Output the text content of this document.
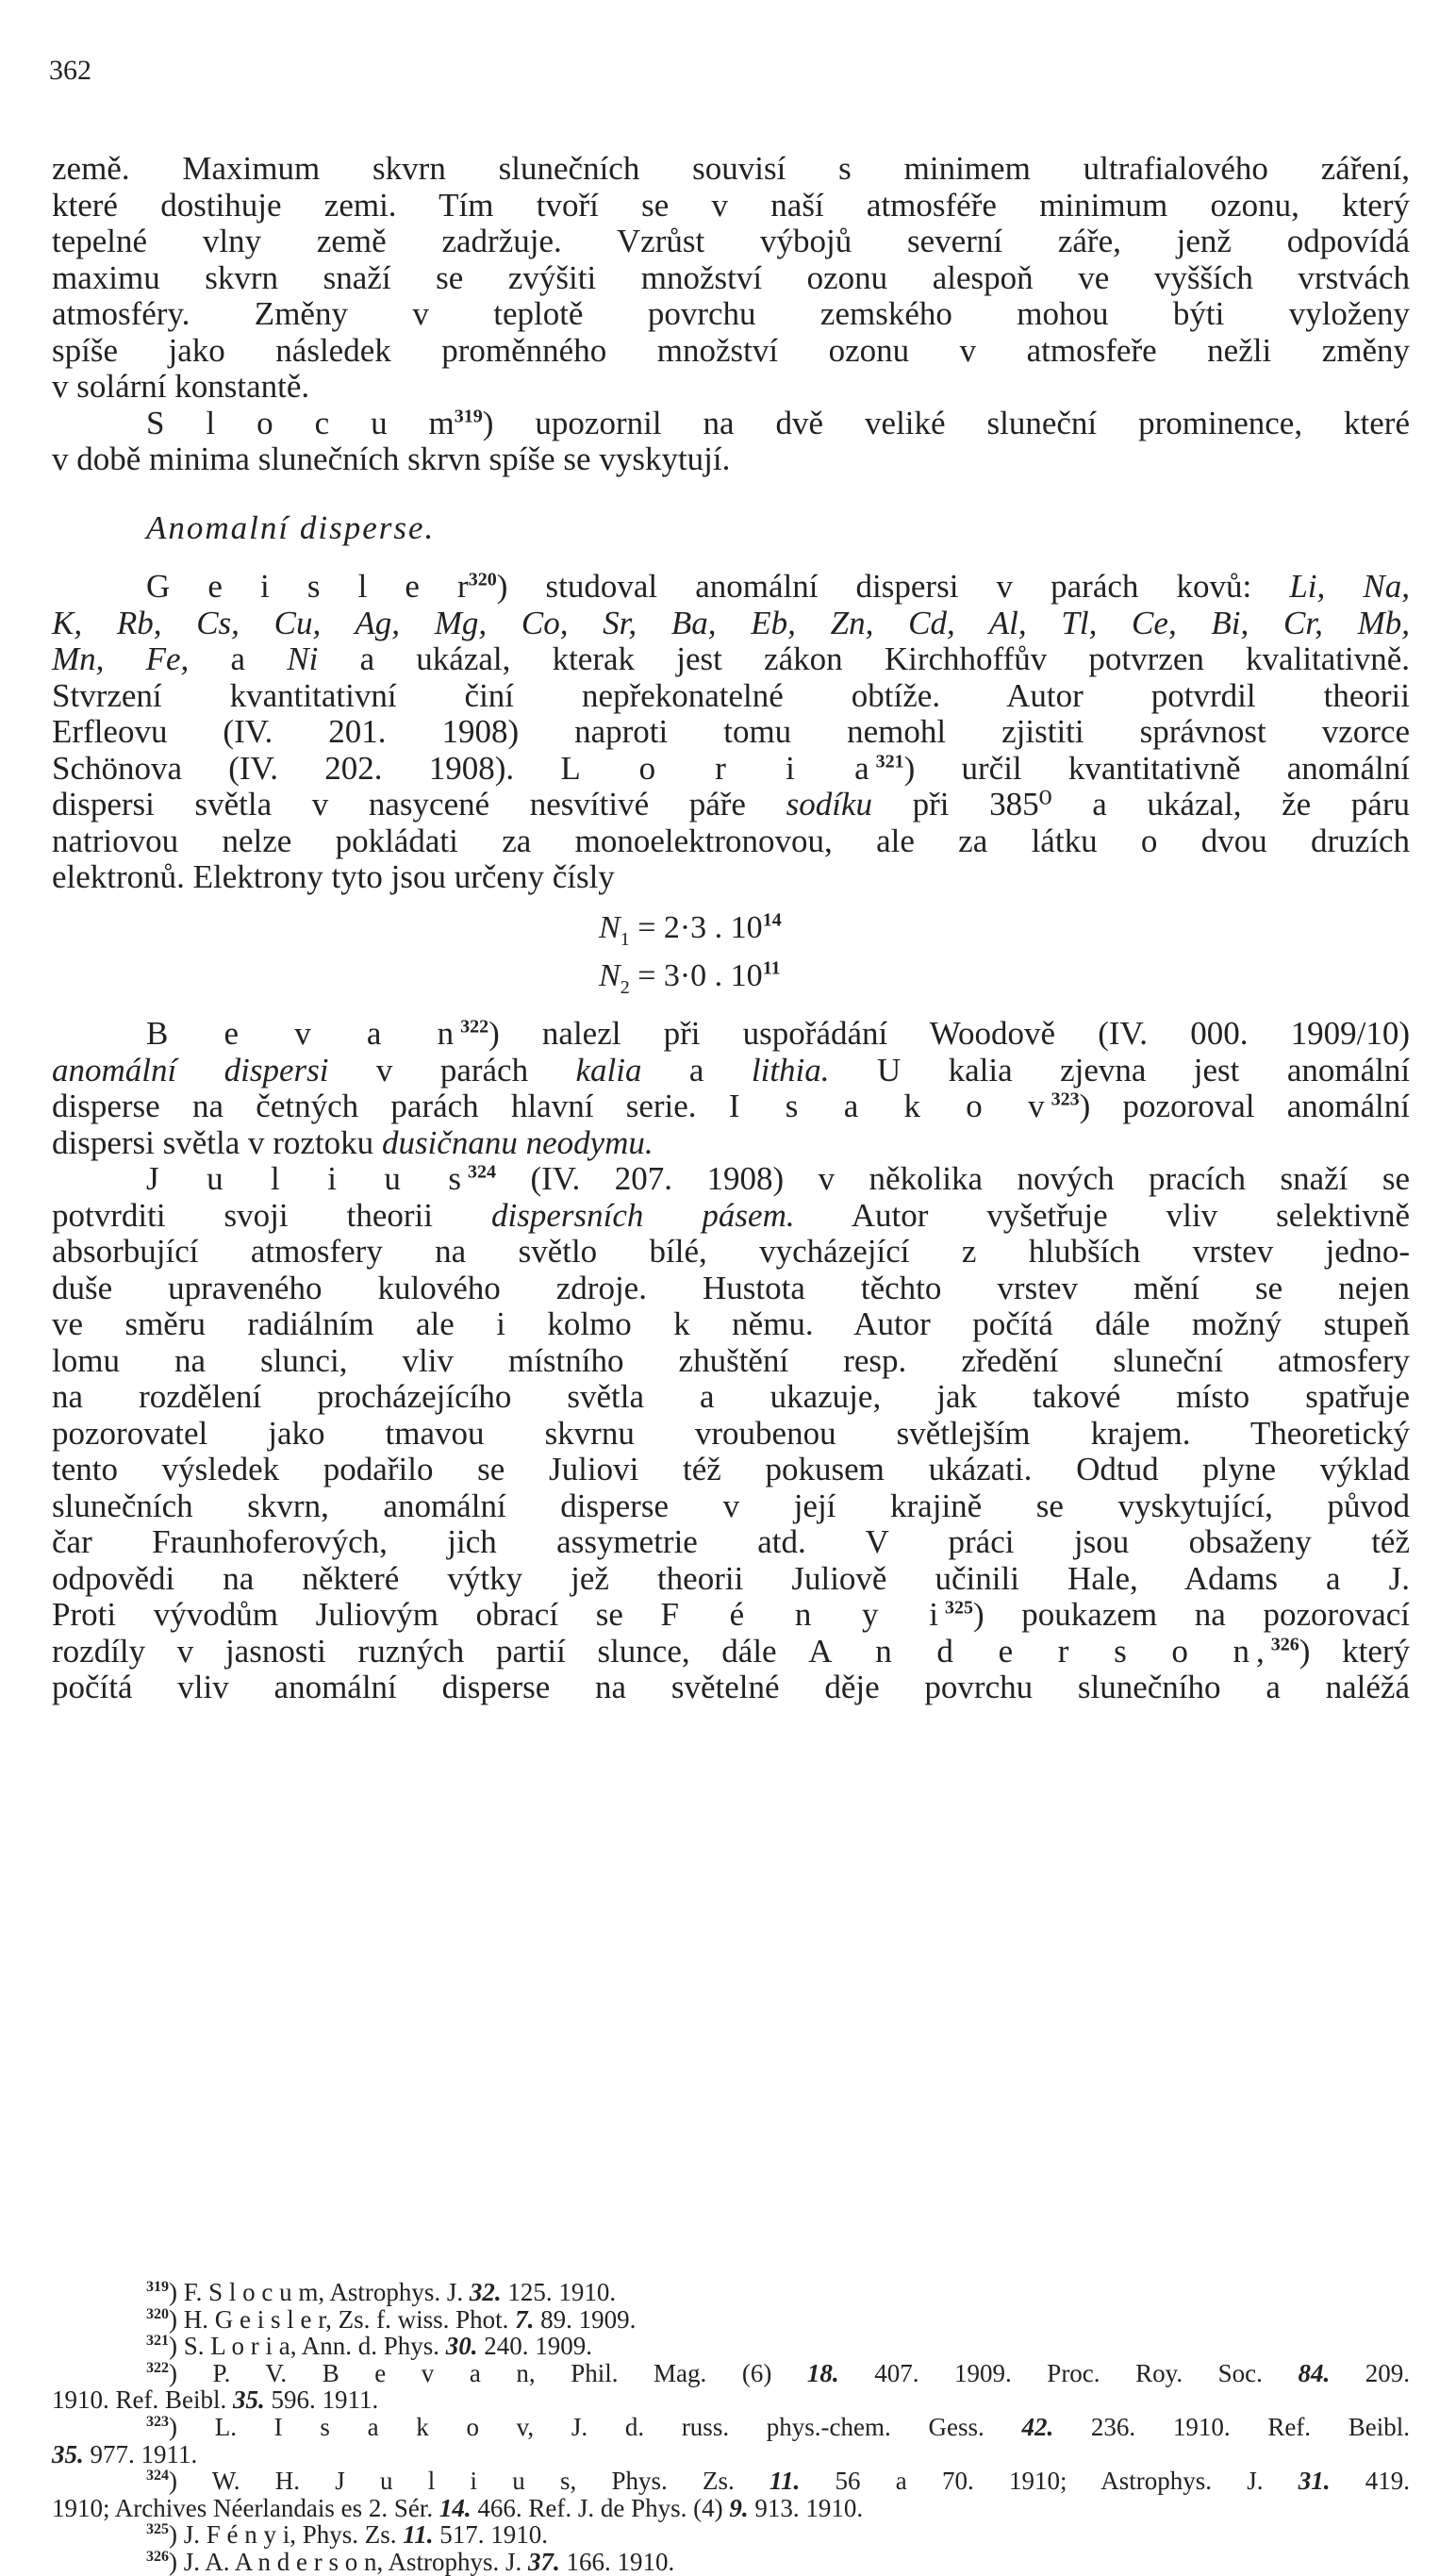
362
země. Maximum skvrn slunečních souvisí s minimem ultrafialového záření,
které dostihuje zemi. Tím tvoří se v naší atmosféře minimum ozonu, který
tepelné vlny země zadržuje. Vzrůst výbojů severní záře, jenž odpovídá
maximu skvrn snaží se zvýšiti množství ozonu alespoň ve vyšších vrstvách
atmosféry. Změny v teplotě povrchu zemského mohou býti vyloženy
spíše jako následek proměnného množství ozonu v atmosfeře nežli změny
v solární konstantě.
S l o c u $m^{319}$) upozornil na dvě veliké sluneční prominence, které
v době minima slunečních skrvn spíše se vyskytují.
Anomalní disperse.
G e i s l e $r^{320}$) studoval anomální dispersi v parách kovů: Li, Na,
K, Rb, Cs, Cu, Ag, Mg, Co, Sr, Ba, Eb, Zn, Cd, Al, Tl, Ce, Bi, Cr, Mb,
Mn, Fe, a Ni a ukázal, kterak jest zákon Kirchhoffův potvrzen kvalitativně.
Stvrzení kvantitativní činí nepřekonatelné obtíže. Autor potvrdil theorii
Erfleovu (IV. 201. 1908) naproti tomu nemohl zjistiti správnost vzorce
Schönova (IV. 202. 1908). L o r i $a^{321}$) určil kvantitativně anomální
dispersi světla v nasycené nesvítivé páře sodíku při 385⁰ a ukázal, že páru
natriovou nelze pokládati za monoelektronovou, ale za látku o dvou druzích
elektronů. Elektrony tyto jsou určeny čísly
$N_1 = 2\cdot 3$ . $10^{14}$
$N_2 = 3\cdot 0$ . $10^{11}$
B e v a $n^{322}$) nalezl při uspořádání Woodově (IV. 000. 1909/10)
anomální dispersi v parách kalia a lithia. U kalia zjevna jest anomální
disperse na četných parách hlavní serie. I s a k o $v^{323}$) pozoroval anomální
dispersi světla v roztoku dusičnanu neodymu.
J u l i u $s^{324}$ (IV. 207. 1908) v několika nových pracích snaží se
potvrditi svoji theorii dispersních pásem. Autor vyšetřuje vliv selektivně
absorbující atmosfery na světlo bílé, vycházející z hlubších vrstev jedno-
duše upraveného kulového zdroje. Hustota těchto vrstev mění se nejen
ve směru radiálním ale i kolmo k němu. Autor počítá dále možný stupeň
lomu na slunci, vliv místního zhuštění resp. zředění sluneční atmosfery
na rozdělení procházejícího světla a ukazuje, jak takové místo spatřuje
pozorovatel jako tmavou skvrnu vroubenou světlejším krajem. Theoretický
tento výsledek podařilo se Juliovi též pokusem ukázati. Odtud plyne výklad
slunečních skvrn, anomální disperse v její krajině se vyskytující, původ
čar Fraunhoferových, jich assymetrie atd. V práci jsou obsaženy též
odpovědi na některé výtky jež theorii Juliově učinili Hale, Adams a J.
Proti vývodům Juliovým obrací se F é n y $i^{325}$) poukazem na pozorovací
rozdíly v jasnosti ruzných partií slunce, dále A n d e r s o n,$^{326}$) který
počítá vliv anomální disperse na světelné děje povrchu slunečního a naléžá
$^{319}$) F. S l o c u m, Astrophys. J. 32. 125. 1910.
$^{320}$) H. G e i s l e r, Zs. f. wiss. Phot. 7. 89. 1909.
$^{321}$) S. L o r i a, Ann. d. Phys. 30. 240. 1909.
$^{322}$) P. V. B e v a n, Phil. Mag. (6) 18. 407. 1909. Proc. Roy. Soc. 84. 209.
1910. Ref. Beibl. 35. 596. 1911.
$^{323}$) L. I s a k o v, J. d. russ. phys.-chem. Gess. 42. 236. 1910. Ref. Beibl.
35. 977. 1911.
$^{324}$) W. H. J u l i u s, Phys. Zs. 11. 56 a 70. 1910; Astrophys. J. 31. 419.
1910; Archives Néerlandais es 2. Sér. 14. 466. Ref. J. de Phys. (4) 9. 913. 1910.
$^{325}$) J. F é n y i, Phys. Zs. 11. 517. 1910.
$^{326}$) J. A. A n d e r s o n, Astrophys. J. 37. 166. 1910.
